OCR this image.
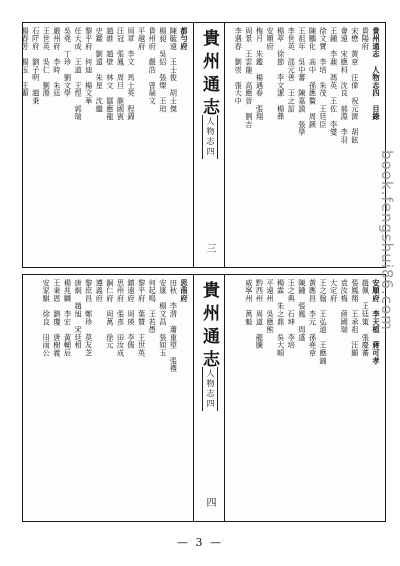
貴州通志　人物志四　目錄
貴陽府
宋懋　黃章　汪偉　祝元濟　胡鉉
會遠　宋應科　沈良　郝淵　李羽
王鍾　李鼐　馮英　王佐　李燮
徐文寶　李培　朱茂　王廷臣
陳鵬化　高中　孫應鰲　周鍈
王祖年　吳中蕃　陳嘉謨　張學
李世英　邵元善　王之詔
楊萃　徐節　李文潔　楊彝
安順府
梅月　朱鑑　楊遇春　張翔
周景　王雲龍　高應晉　劉吉
李遇春　劉崇　張大中
貴州通志
人物志四
三
都勻府
陳毓遠　王士俊　胡士傑
楊昶　吳紹　張燦　王琯
貴州府　嚴浩　曾瑞文
平越府
周章　李文　馬士英　程錦
汪冠　張鳳　周旦　龍國賓
趙維　趙壁　林文　鄒應龍
史鑑　劉遠　朱星　沈繼
黎平府　何迪　楊文華
任大成　王道　王煜　郭瑞
吳堯　丁珍　劉文學
嚴州府　李時　朱廷
王世英　吳仁　劉淵
石阡府　劉子明　趙秉
楊春芳　楊玉　王顯
安順府　李天植　蔣可孝
趙佩　王廷策　張慶蕃
張鳳翔　王承祖　汪顯
袁汝梅　蔣國瑞
大定府
王之翰　王弘道　王應錦
黃應昌　李元　孫堯章
陳鍾　張鳳　周盛
王之典　石坤　李培
楊霖　朱之鼎　吳大順
平遠州　吳應熊
黔西州　周道　龍騰
威寧州　萬魁
貴州通志
人物志四
四
思南府
田秋　李渭　蕭重望　張禮
安康　楊文昌　張如玉
何起鳴　王若愚
黎平府　葉贊　王世英
鎮遠府　周瑛　李儒
思州府　張彥　田汝成
銅仁府　周萬　徐元
遵義府
黎庶昌　鄭珍　莫友芝
唐炯　趙旭　宋廷相
楊兆麟　李宏　黃輔辰
王秉恩　劉瓊　唐樹義
安家騏　徐良　田雨公	book.fengshui86.com
— 3 —
